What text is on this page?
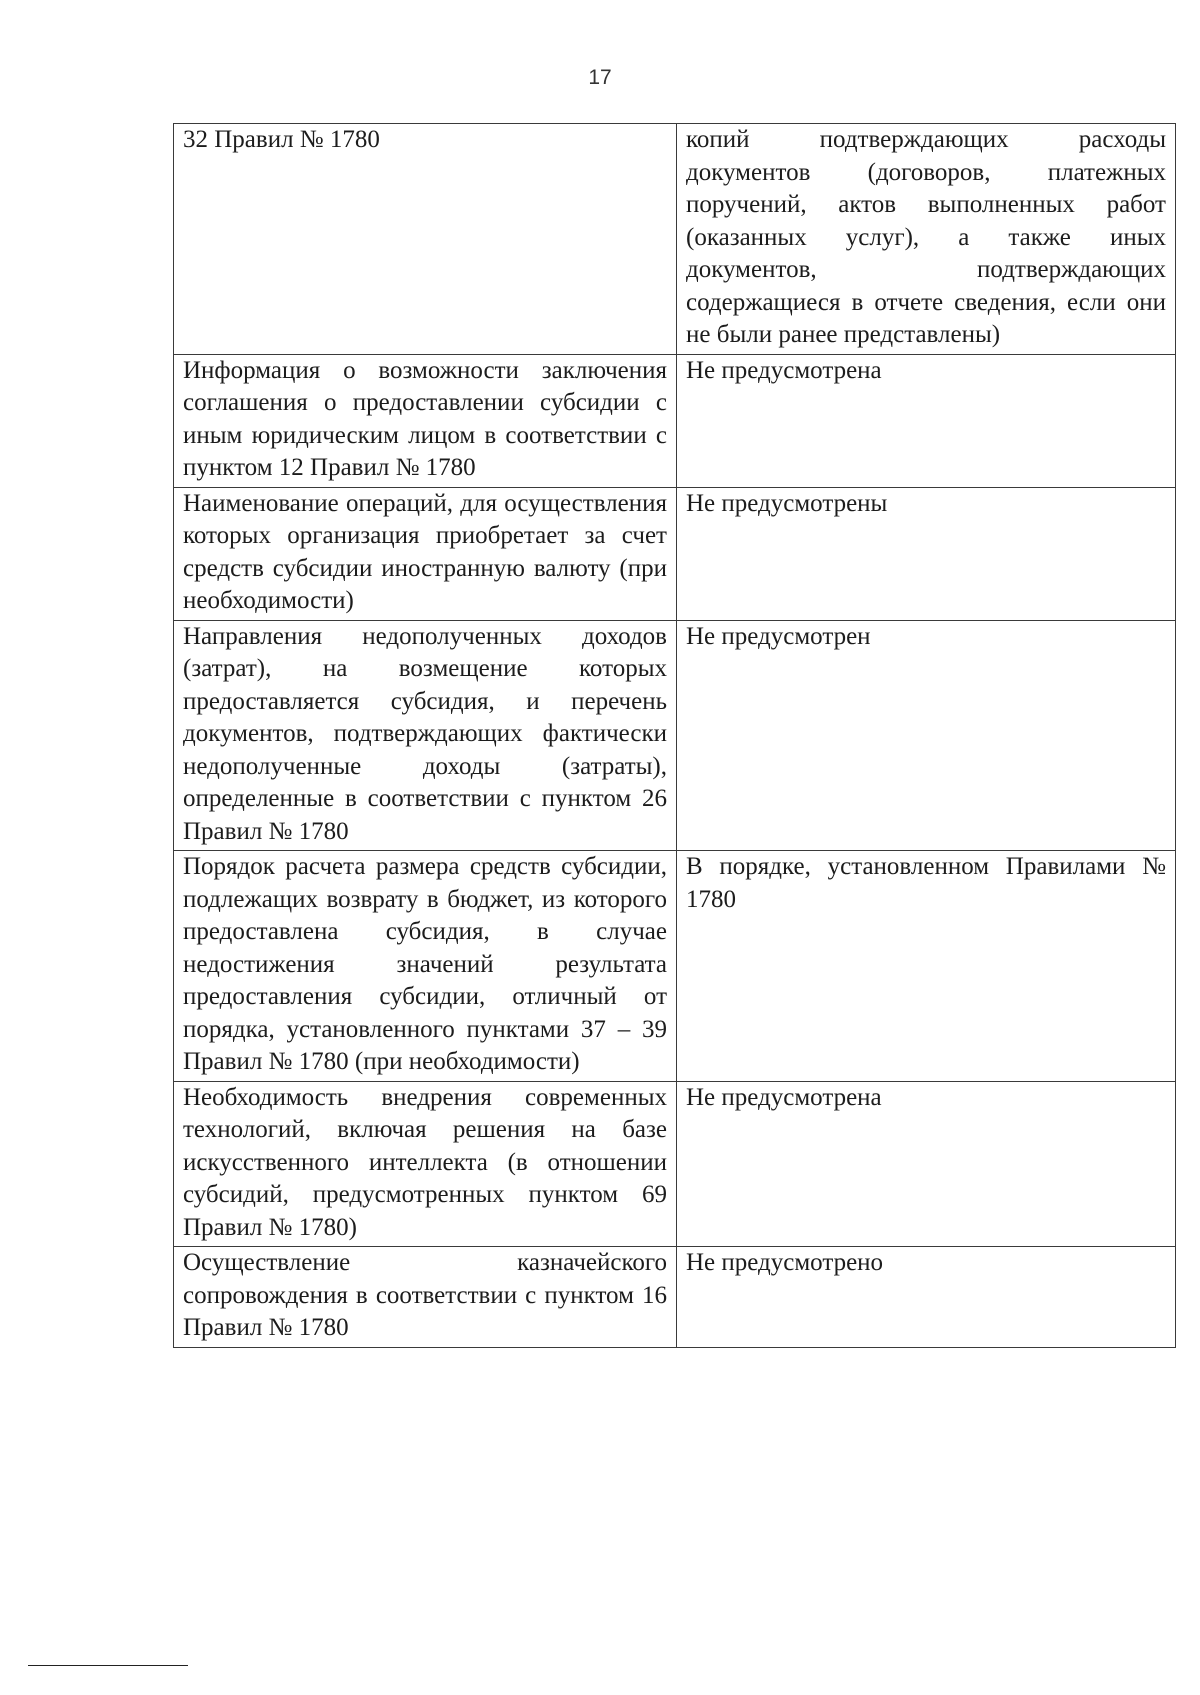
17
32 Правил № 1780	копий подтверждающих расходы документов (договоров, платежных поручений, актов выполненных работ (оказанных услуг), а также иных документов, подтверждающих содержащиеся в отчете сведения, если они не были ранее представлены)
Информация о возможности заключения соглашения о предоставлении субсидии с иным юридическим лицом в соответствии с пунктом 12 Правил № 1780	Не предусмотрена
Наименование операций, для осуществления которых организация приобретает за счет средств субсидии иностранную валюту (при необходимости)	Не предусмотрены
Направления недополученных доходов (затрат), на возмещение которых предоставляется субсидия, и перечень документов, подтверждающих фактически недополученные доходы (затраты), определенные в соответствии с пунктом 26 Правил № 1780	Не предусмотрен
Порядок расчета размера средств субсидии, подлежащих возврату в бюджет, из которого предоставлена субсидия, в случае недостижения значений результата предоставления субсидии, отличный от порядка, установленного пунктами 37 – 39 Правил № 1780 (при необходимости)	В порядке, установленном Правилами № 1780
Необходимость внедрения современных технологий, включая решения на базе искусственного интеллекта (в отношении субсидий, предусмотренных пунктом 69 Правил № 1780)	Не предусмотрена
Осуществление казначейского сопровождения в соответствии с пунктом 16 Правил № 1780	Не предусмотрено
